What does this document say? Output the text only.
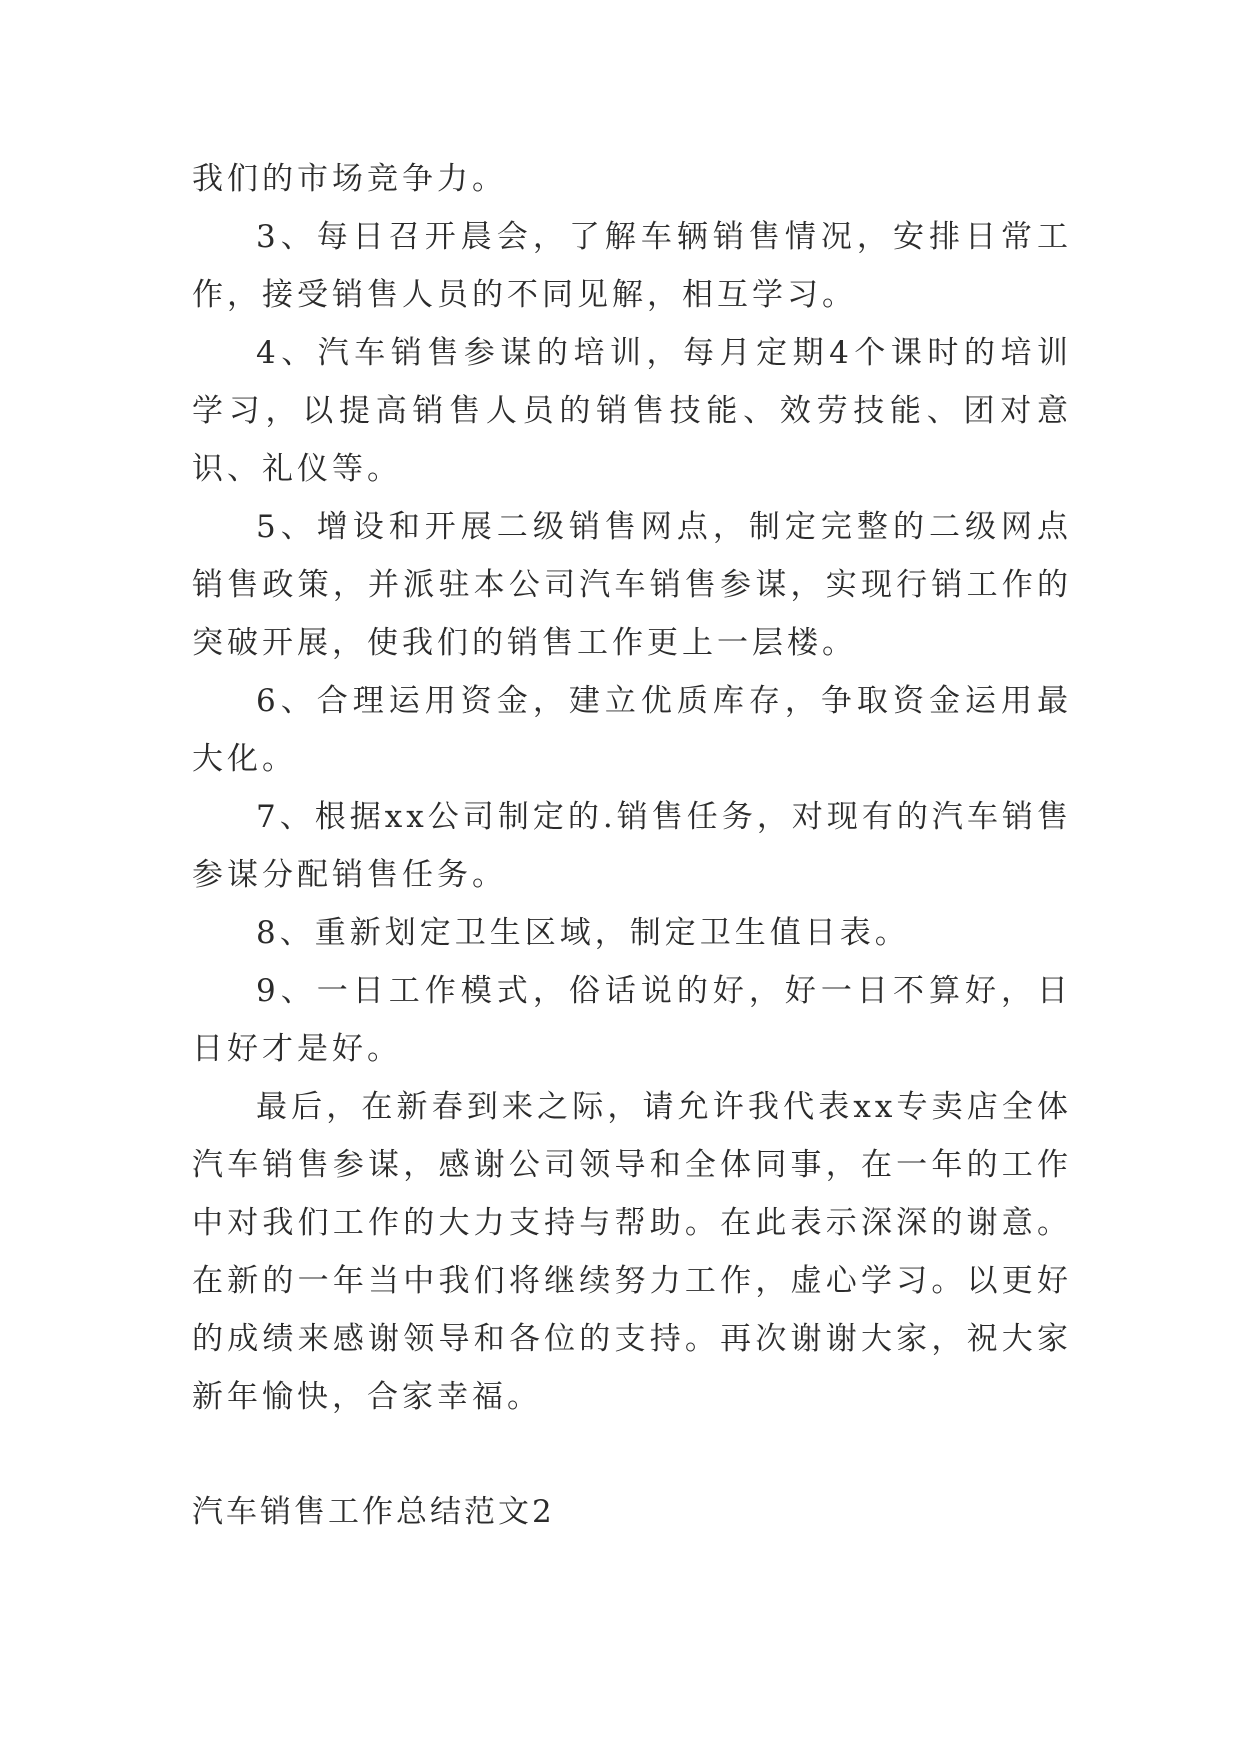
我们的市场竞争力。

3、每日召开晨会，了解车辆销售情况，安排日常工作，接受销售人员的不同见解，相互学习。

4、汽车销售参谋的培训，每月定期4个课时的培训学习，以提高销售人员的销售技能、效劳技能、团对意识、礼仪等。

5、增设和开展二级销售网点，制定完整的二级网点销售政策，并派驻本公司汽车销售参谋，实现行销工作的突破开展，使我们的销售工作更上一层楼。

6、合理运用资金，建立优质库存，争取资金运用最大化。

7、根据xx公司制定的.销售任务，对现有的汽车销售参谋分配销售任务。

8、重新划定卫生区域，制定卫生值日表。

9、一日工作模式，俗话说的好，好一日不算好，日日好才是好。

最后，在新春到来之际，请允许我代表xx专卖店全体汽车销售参谋，感谢公司领导和全体同事，在一年的工作中对我们工作的大力支持与帮助。在此表示深深的谢意。在新的一年当中我们将继续努力工作，虚心学习。以更好的成绩来感谢领导和各位的支持。再次谢谢大家，祝大家新年愉快，合家幸福。

汽车销售工作总结范文2
